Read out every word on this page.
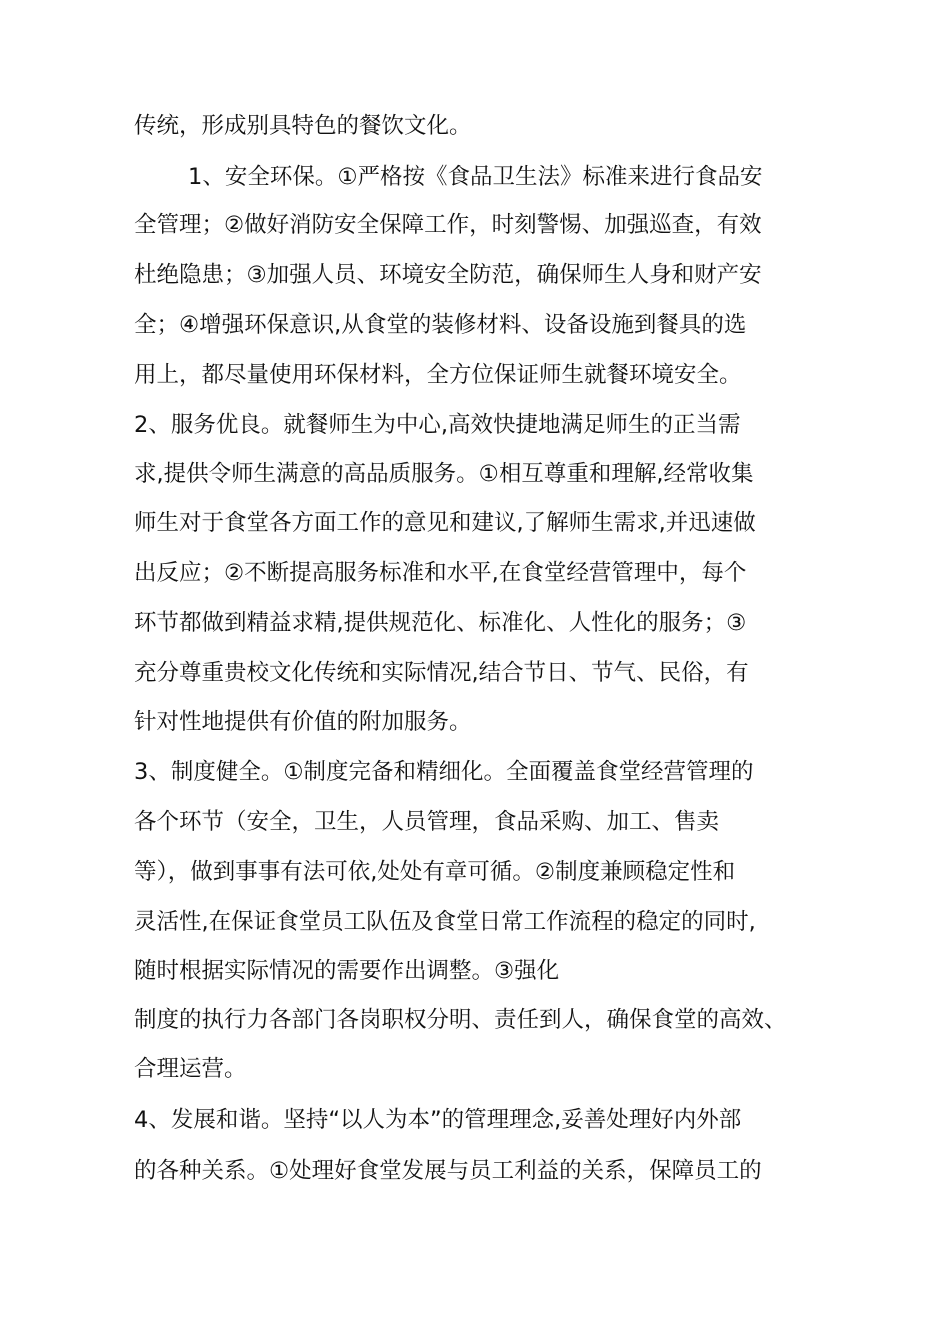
传统，形成别具特色的餐饮文化。
1、安全环保。①严格按《食品卫生法》标准来进行食品安
全管理；②做好消防安全保障工作，时刻警惕、加强巡查，有效
杜绝隐患；③加强人员、环境安全防范，确保师生人身和财产安
全；④增强环保意识,从食堂的装修材料、设备设施到餐具的选
用上，都尽量使用环保材料，全方位保证师生就餐环境安全。
2、服务优良。就餐师生为中心,高效快捷地满足师生的正当需
求,提供令师生满意的高品质服务。①相互尊重和理解,经常收集
师生对于食堂各方面工作的意见和建议,了解师生需求,并迅速做
出反应；②不断提高服务标准和水平,在食堂经营管理中，每个
环节都做到精益求精,提供规范化、标准化、人性化的服务；③
充分尊重贵校文化传统和实际情况,结合节日、节气、民俗，有
针对性地提供有价值的附加服务。
3、制度健全。①制度完备和精细化。全面覆盖食堂经营管理的
各个环节（安全，卫生，人员管理，食品采购、加工、售卖
等），做到事事有法可依,处处有章可循。②制度兼顾稳定性和
灵活性,在保证食堂员工队伍及食堂日常工作流程的稳定的同时,
随时根据实际情况的需要作出调整。③强化
制度的执行力各部门各岗职权分明、责任到人，确保食堂的高效、
合理运营。
4、发展和谐。坚持“以人为本”的管理理念,妥善处理好内外部
的各种关系。①处理好食堂发展与员工利益的关系，保障员工的
